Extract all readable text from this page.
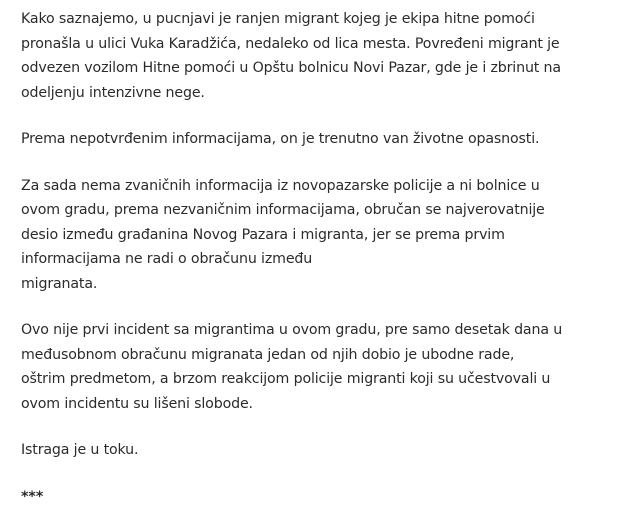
Kako saznajemo, u pucnjavi je ranjen migrant kojeg je ekipa hitne pomoći
pronašla u ulici Vuka Karadžića, nedaleko od lica mesta. Povređeni migrant je
odvezen vozilom Hitne pomoći u Opštu bolnicu Novi Pazar, gde je i zbrinut na
odeljenju intenzivne nege.

Prema nepotvrđenim informacijama, on je trenutno van životne opasnosti.

Za sada nema zvaničnih informacija iz novopazarske policije a ni bolnice u
ovom gradu, prema nezvaničnim informacijama, obručan se najverovatnije
desio između građanina Novog Pazara i migranta, jer se prema prvim
informacijama ne radi o obračunu između
migranata.

Ovo nije prvi incident sa migrantima u ovom gradu, pre samo desetak dana u
međusobnom obračunu migranata jedan od njih dobio je ubodne rade,
oštrim predmetom, a brzom reakcijom policije migranti koji su učestvovali u
ovom incidentu su lišeni slobode.

Istraga je u toku.

***
